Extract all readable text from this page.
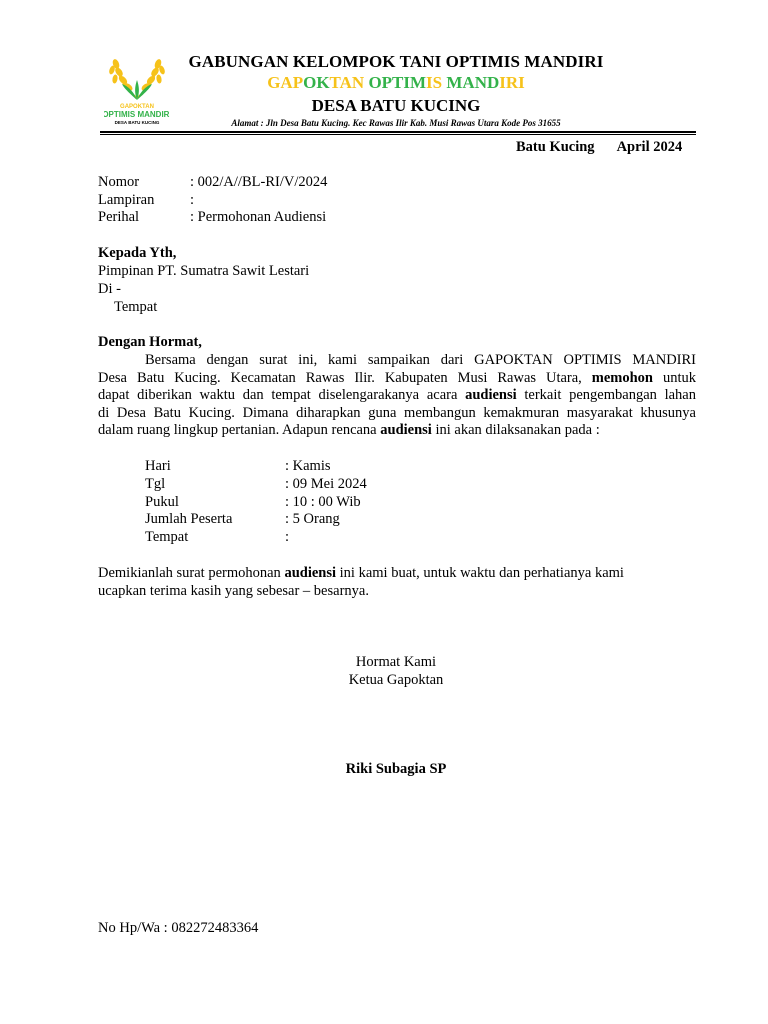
GAPOKTAN
OPTIMIS MANDIRI
DESA BATU KUCING
GABUNGAN KELOMPOK TANI OPTIMIS MANDIRI
GAPOKTAN OPTIMIS MANDIRI
DESA BATU KUCING
Alamat : Jln Desa Batu Kucing. Kec Rawas Ilir Kab. Musi Rawas Utara Kode Pos 31655
Batu Kucing April 2024
Nomor	: 002/A//BL-RI/V/2024
Lampiran :
Perihal	: Permohonan Audiensi
Kepada Yth,
Pimpinan PT. Sumatra Sawit Lestari
Di -
Tempat
Dengan Hormat,
Bersama dengan surat ini, kami sampaikan dari GAPOKTAN OPTIMIS MANDIRI
Desa Batu Kucing. Kecamatan Rawas Ilir. Kabupaten Musi Rawas Utara, memohon untuk
dapat diberikan waktu dan tempat diselengarakanya acara audiensi terkait pengembangan lahan
di Desa Batu Kucing. Dimana diharapkan guna membangun kemakmuran masyarakat khusunya
dalam ruang lingkup pertanian. Adapun rencana audiensi ini akan dilaksanakan pada :
Hari	: Kamis
Tgl	: 09 Mei 2024
Pukul	: 10 : 00 Wib
Jumlah Peserta	: 5 Orang
Tempat	:
Demikianlah surat permohonan audiensi ini kami buat, untuk waktu dan perhatianya kami
ucapkan terima kasih yang sebesar – besarnya.
Hormat Kami
Ketua Gapoktan
Riki Subagia SP
No Hp/Wa : 082272483364
